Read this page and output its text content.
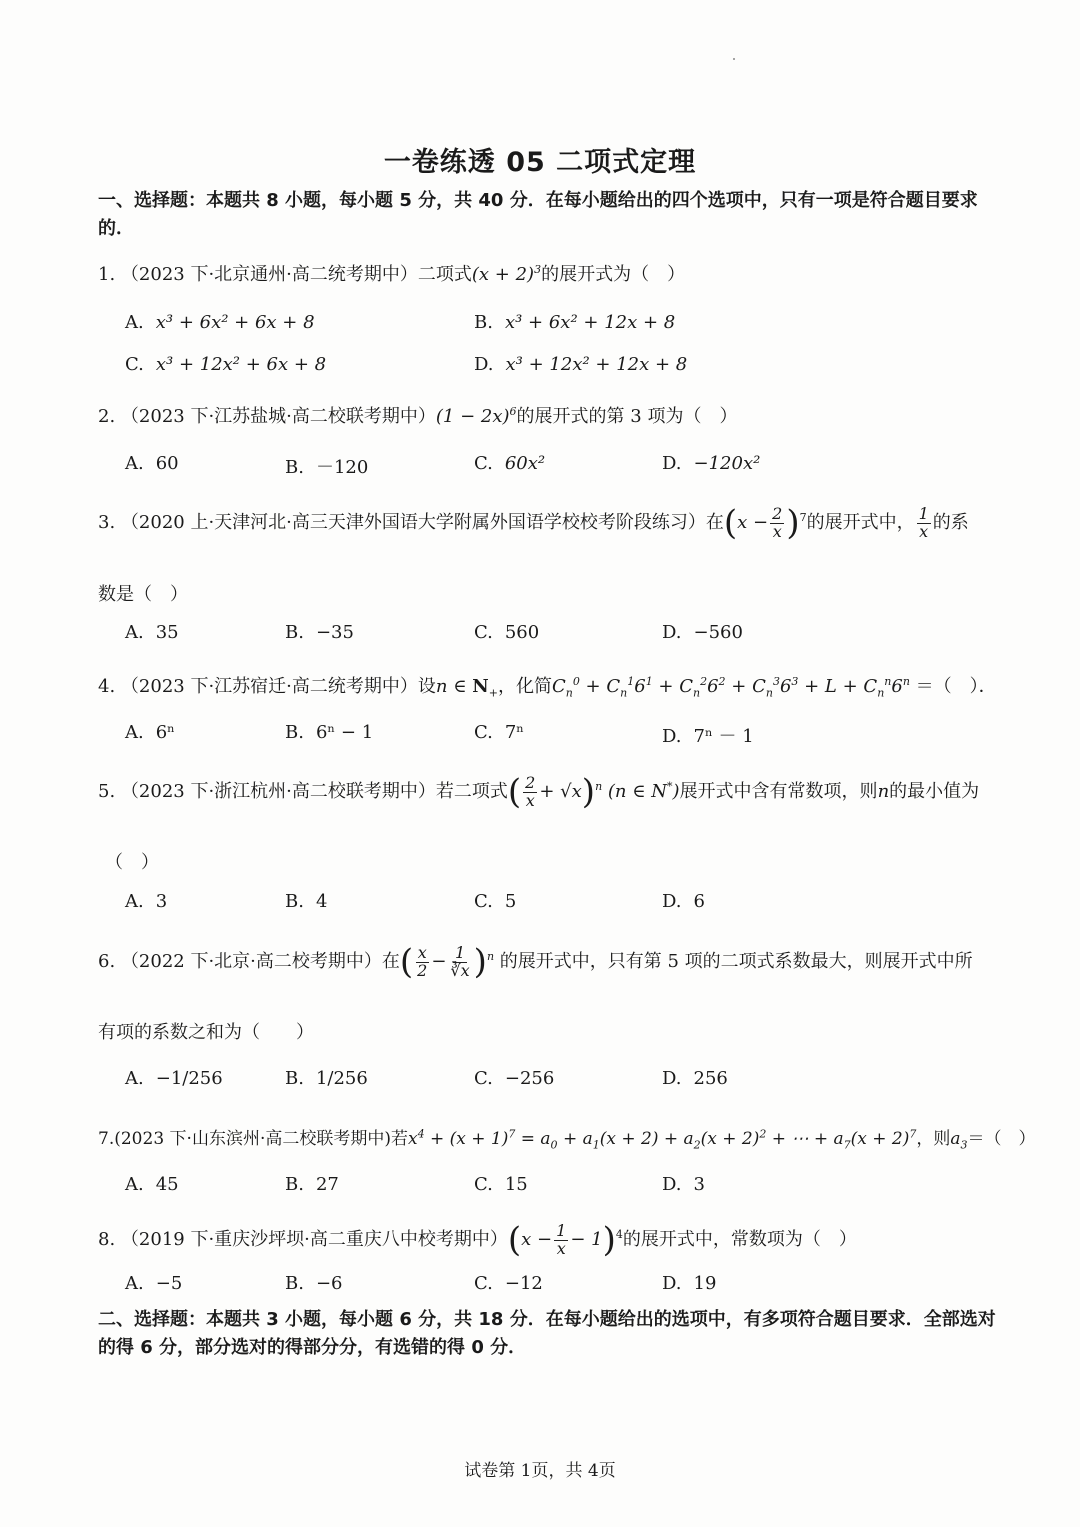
一卷练透 05 二项式定理
一、选择题：本题共 8 小题，每小题 5 分，共 40 分．在每小题给出的四个选项中，只有一项是符合题目要求的．
1. （2023 下·北京通州·高二统考期中）二项式$(x + 2)^3$的展开式为（　）
A. x³ + 6x² + 6x + 8	B. x³ + 6x² + 12x + 8
C. x³ + 12x² + 6x + 8	D. x³ + 12x² + 12x + 8
2. （2023 下·江苏盐城·高二校联考期中）$(1 - 2x)^6$的展开式的第 3 项为（　）
A. 60	B. －120	C. 60x²	D. −120x²
3. （2020 上·天津河北·高三天津外国语大学附属外国语学校校考阶段练习）在$(x - \frac{2}{x} )^7$的展开式中， $\frac{1}{x}$ 的系
数是（　）
A. 35	B. −35	C. 560	D. −560
4. （2023 下·江苏宿迁·高二统考期中）设n ∈ $N_+$，化简$C_n^0 + C_n^16^1 + C_n^26^2 + C_n^36^3 + L + C_n^n6^n$ ＝（　）．
A. 6ⁿ	B. 6ⁿ − 1	C. 7ⁿ	D. 7ⁿ － 1
5. （2023 下·浙江杭州·高二校联考期中）若二项式( $\frac{2}{x} + √x)^n$ (n ∈ N*)展开式中含有常数项，则n的最小值为
（　）
A. 3	B. 4	C. 5	D. 6
6. （2022 下·北京·高二校考期中）在( $\frac{x}{2} - \frac{1}{∛x} )^n$ 的展开式中，只有第 5 项的二项式系数最大，则展开式中所
有项的系数之和为（　　）
A. −1/256	B. 1/256	C. −256	D. 256
7.(2023 下·山东滨州·高二校联考期中)若$x^4 + (x + 1)^7 = a_0 + a_1(x + 2) + a_2(x + 2)^2$ + ⋯ + $a_7(x + 2)^7$，则$a_3=$（　）
A. 45	B. 27	C. 15	D. 3
8. （2019 下·重庆沙坪坝·高二重庆八中校考期中）$(x - \frac{1}{x} - 1)^4$的展开式中，常数项为（　）
A. −5	B. −6	C. −12	D. 19
二、选择题：本题共 3 小题，每小题 6 分，共 18 分．在每小题给出的选项中，有多项符合题目要求．全部选对的得 6 分，部分选对的得部分分，有选错的得 0 分．
试卷第 1页，共 4页
